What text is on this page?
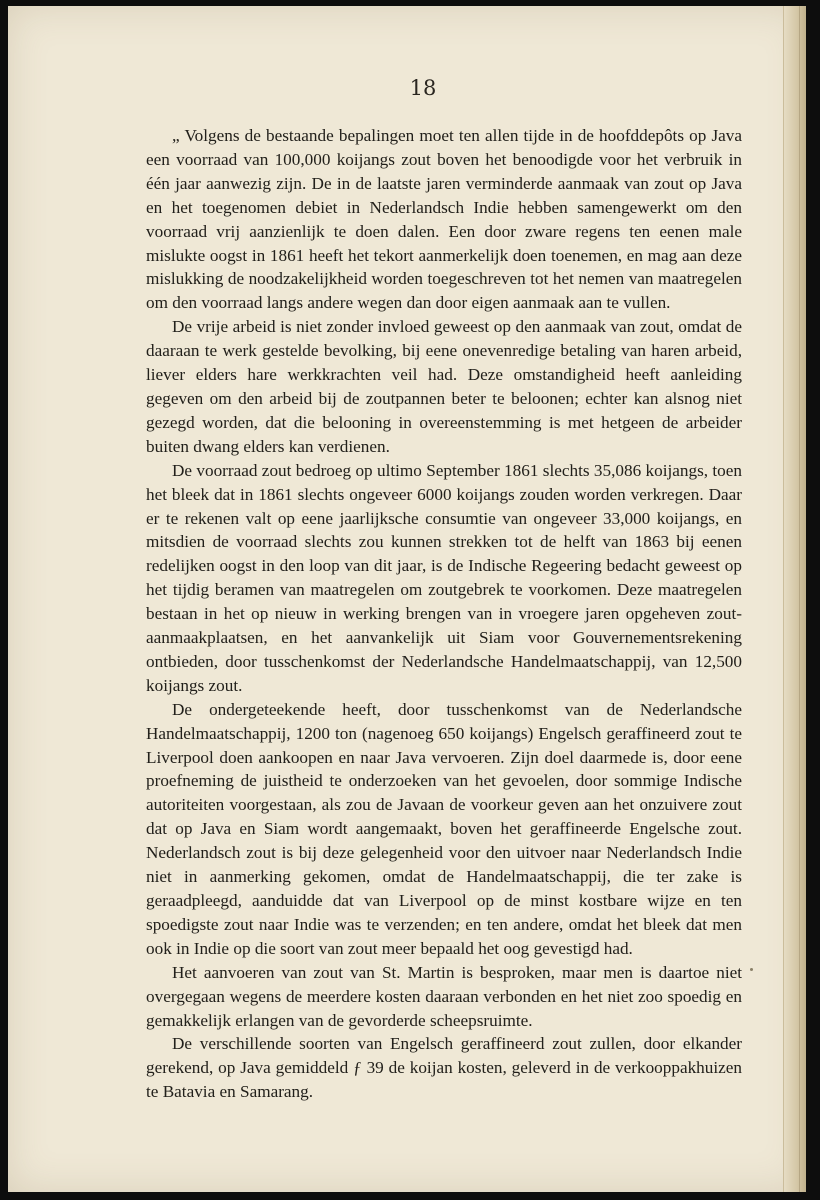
18

„ Volgens de bestaande bepalingen moet ten allen tijde in de hoofddepôts op Java een voorraad van 100,000 koijangs zout boven het benoodigde voor het verbruik in één jaar aanwezig zijn. De in de laatste jaren verminderde aanmaak van zout op Java en het toegenomen debiet in Nederlandsch Indie hebben samengewerkt om den voorraad vrij aanzienlijk te doen dalen. Een door zware regens ten eenen male mislukte oogst in 1861 heeft het tekort aanmerkelijk doen toenemen, en mag aan deze mislukking de noodzakelijkheid worden toegeschreven tot het nemen van maatregelen om den voorraad langs andere wegen dan door eigen aanmaak aan te vullen.

De vrije arbeid is niet zonder invloed geweest op den aanmaak van zout, omdat de daaraan te werk gestelde bevolking, bij eene onevenredige betaling van haren arbeid, liever elders hare werkkrachten veil had. Deze omstandigheid heeft aanleiding gegeven om den arbeid bij de zoutpannen beter te beloonen; echter kan alsnog niet gezegd worden, dat die belooning in overeenstemming is met hetgeen de arbeider buiten dwang elders kan verdienen.

De voorraad zout bedroeg op ultimo September 1861 slechts 35,086 koijangs, toen het bleek dat in 1861 slechts ongeveer 6000 koijangs zouden worden verkregen. Daar er te rekenen valt op eene jaarlijksche consumtie van ongeveer 33,000 koijangs, en mitsdien de voorraad slechts zou kunnen strekken tot de helft van 1863 bij eenen redelijken oogst in den loop van dit jaar, is de Indische Regeering bedacht geweest op het tijdig beramen van maatregelen om zoutgebrek te voorkomen. Deze maatregelen bestaan in het op nieuw in werking brengen van in vroegere jaren opgeheven zout-aanmaakplaatsen, en het aanvankelijk uit Siam voor Gouvernementsrekening ontbieden, door tusschenkomst der Nederlandsche Handelmaatschappij, van 12,500 koijangs zout.

De ondergeteekende heeft, door tusschenkomst van de Nederlandsche Handelmaatschappij, 1200 ton (nagenoeg 650 koijangs) Engelsch geraffineerd zout te Liverpool doen aankoopen en naar Java vervoeren. Zijn doel daarmede is, door eene proefneming de juistheid te onderzoeken van het gevoelen, door sommige Indische autoriteiten voorgestaan, als zou de Javaan de voorkeur geven aan het onzuivere zout dat op Java en Siam wordt aangemaakt, boven het geraffineerde Engelsche zout. Nederlandsch zout is bij deze gelegenheid voor den uitvoer naar Nederlandsch Indie niet in aanmerking gekomen, omdat de Handelmaatschappij, die ter zake is geraadpleegd, aanduidde dat van Liverpool op de minst kostbare wijze en ten spoedigste zout naar Indie was te verzenden; en ten andere, omdat het bleek dat men ook in Indie op die soort van zout meer bepaald het oog gevestigd had.

Het aanvoeren van zout van St. Martin is besproken, maar men is daartoe niet overgegaan wegens de meerdere kosten daaraan verbonden en het niet zoo spoedig en gemakkelijk erlangen van de gevorderde scheepsruimte.

De verschillende soorten van Engelsch geraffineerd zout zullen, door elkander gerekend, op Java gemiddeld ƒ 39 de koijan kosten, geleverd in de verkooppakhuizen te Batavia en Samarang.
